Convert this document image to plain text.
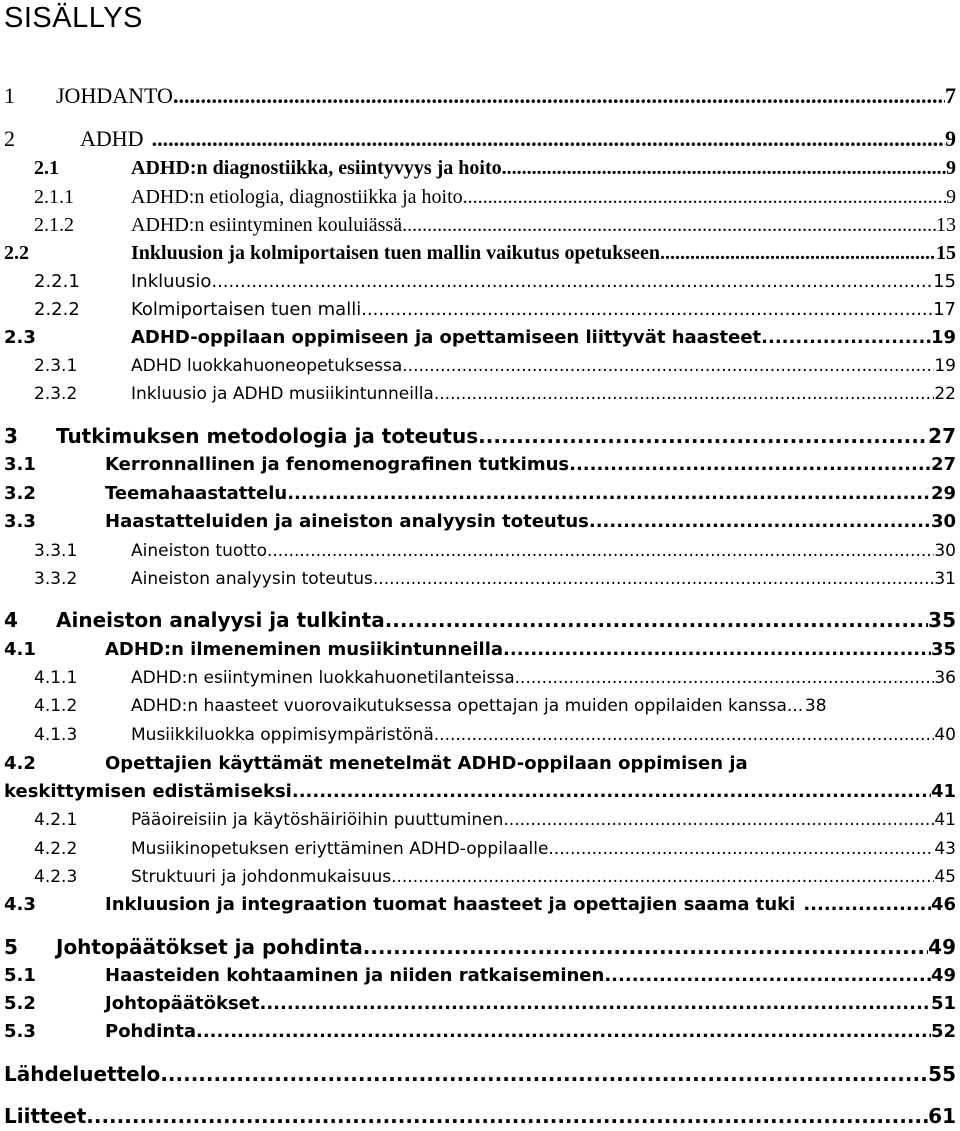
SISÄLLYS
1	JOHDANTO .....	7
2	ADHD .....	9
2.1	ADHD:n diagnostiikka, esiintyvyys ja hoito .....	9
2.1.1	ADHD:n etiologia, diagnostiikka ja hoito .....	9
2.1.2	ADHD:n esiintyminen kouluiässä .....	13
2.2	Inkluusion ja kolmiportaisen tuen mallin vaikutus opetukseen .....	15
2.2.1	Inkluusio .....	15
2.2.2	Kolmiportaisen tuen malli .....	17
2.3	ADHD-oppilaan oppimiseen ja opettamiseen liittyvät haasteet .....	19
2.3.1	ADHD luokkahuoneopetuksessa .....	19
2.3.2	Inkluusio ja ADHD musiikintunneilla .....	22
3	Tutkimuksen metodologia ja toteutus .....	27
3.1	Kerronnallinen ja fenomenografinen tutkimus .....	27
3.2	Teemahaastattelu .....	29
3.3	Haastatteluiden ja aineiston analyysin toteutus .....	30
3.3.1	Aineiston tuotto .....	30
3.3.2	Aineiston analyysin toteutus .....	31
4	Aineiston analyysi ja tulkinta .....	35
4.1	ADHD:n ilmeneminen musiikintunneilla .....	35
4.1.1	ADHD:n esiintyminen luokkahuonetilanteissa .....	36
4.1.2	ADHD:n haasteet vuorovaikutuksessa opettajan ja muiden oppilaiden kanssa ..... 38
4.1.3	Musiikkiluokka oppimisympäristönä .....	40
4.2	Opettajien käyttämät menetelmät ADHD-oppilaan oppimisen ja
keskittymisen edistämiseksi .....	41
4.2.1	Pääoireisiin ja käytöshäiriöihin puuttuminen .....	41
4.2.2	Musiikinopetuksen eriyttäminen ADHD-oppilaalle .....	43
4.2.3	Struktuuri ja johdonmukaisuus .....	45
4.3	Inkluusion ja integraation tuomat haasteet ja opettajien saama tuki .....	46
5	Johtopäätökset ja pohdinta .....	49
5.1	Haasteiden kohtaaminen ja niiden ratkaiseminen .....	49
5.2	Johtopäätökset .....	51
5.3	Pohdinta .....	52
Lähdeluettelo .....	55
Liitteet .....	61
